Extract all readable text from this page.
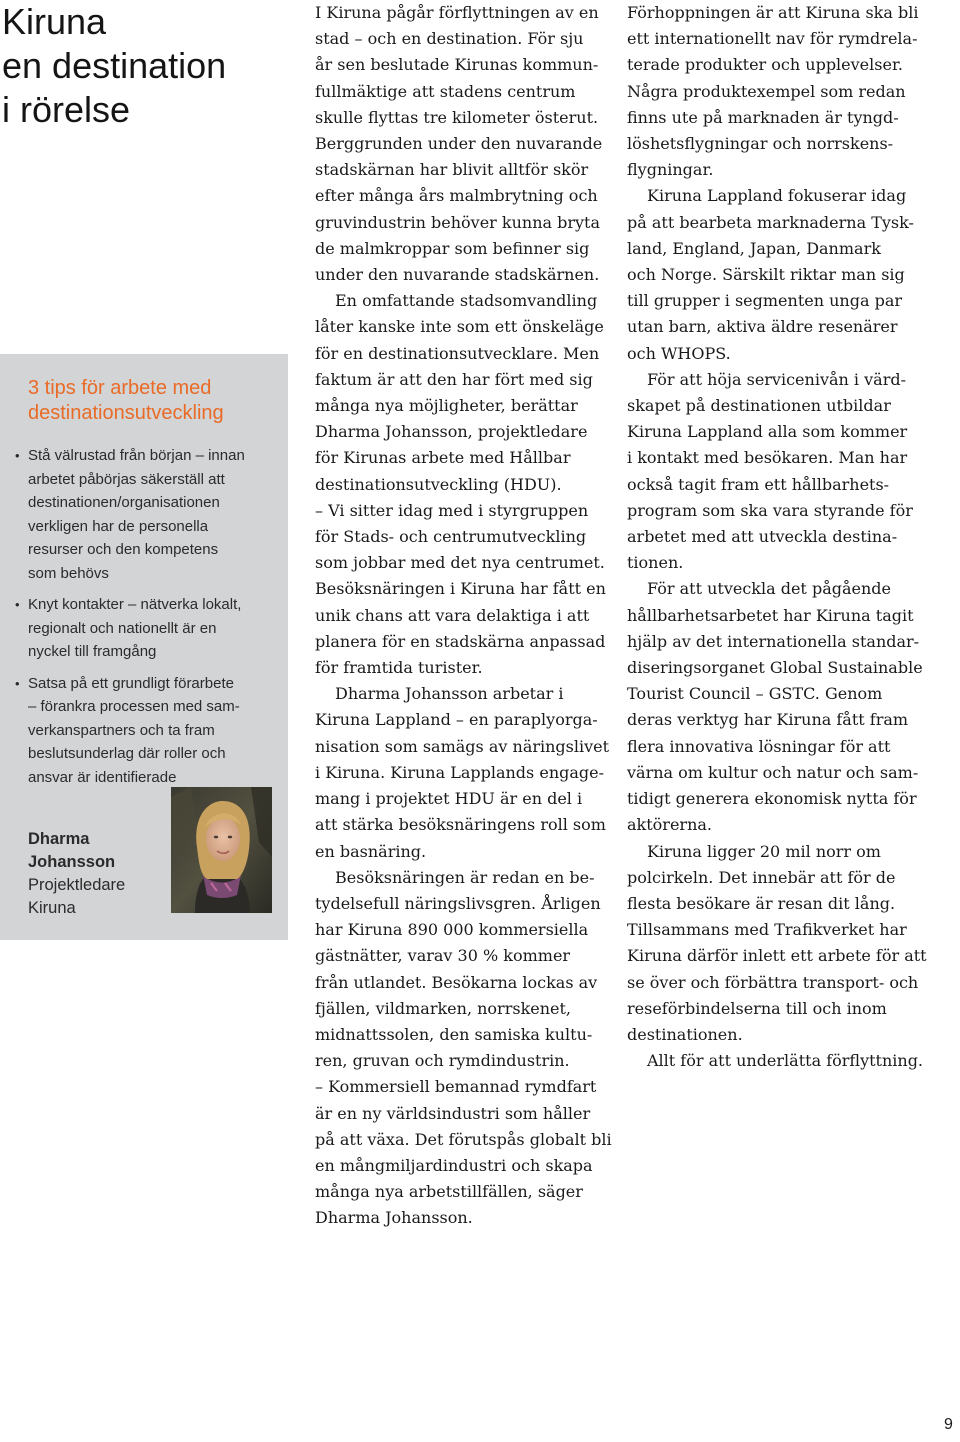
Kiruna
en destination
i rörelse
3 tips för arbete med
destinationsutveckling
• Stå välrustad från början – innan
arbetet påbörjas säkerställ att
destinationen/organisationen
verkligen har de personella
resurser och den kompetens
som behövs
• Knyt kontakter – nätverka lokalt,
regionalt och nationellt är en
nyckel till framgång
• Satsa på ett grundligt förarbete
– förankra processen med sam-
verkanspartners och ta fram
beslutsunderlag där roller och
ansvar är identifierade
Dharma
Johansson
Projektledare
Kiruna

I Kiruna pågår förflyttningen av en
stad – och en destination. För sju
år sen beslutade Kirunas kommun-
fullmäktige att stadens centrum
skulle flyttas tre kilometer österut.
Berggrunden under den nuvarande
stadskärnan har blivit alltför skör
efter många års malmbrytning och
gruvindustrin behöver kunna bryta
de malmkroppar som befinner sig
under den nuvarande stadskärnen.

En omfattande stadsomvandling
låter kanske inte som ett önskeläge
för en destinationsutvecklare. Men
faktum är att den har fört med sig
många nya möjligheter, berättar
Dharma Johansson, projektledare
för Kirunas arbete med Hållbar
destinationsutveckling (HDU).
– Vi sitter idag med i styrgruppen
för Stads- och centrumutveckling
som jobbar med det nya centrumet.
Besöksnäringen i Kiruna har fått en
unik chans att vara delaktiga i att
planera för en stadskärna anpassad
för framtida turister.

Dharma Johansson arbetar i
Kiruna Lappland – en paraplyorga-
nisation som samägs av näringslivet
i Kiruna. Kiruna Lapplands engage-
mang i projektet HDU är en del i
att stärka besöksnäringens roll som
en basnäring.

Besöksnäringen är redan en be-
tydelsefull näringslivsgren. Årligen
har Kiruna 890 000 kommersiella
gästnätter, varav 30 % kommer
från utlandet. Besökarna lockas av
fjällen, vildmarken, norrskenet,
midnattssolen, den samiska kultu-
ren, gruvan och rymdindustrin.
– Kommersiell bemannad rymdfart
är en ny världsindustri som håller
på att växa. Det förutspås globalt bli
en mångmiljardindustri och skapa
många nya arbetstillfällen, säger
Dharma Johansson.

Förhoppningen är att Kiruna ska bli
ett internationellt nav för rymdrela-
terade produkter och upplevelser.
Några produktexempel som redan
finns ute på marknaden är tyngd-
löshetsflygningar och norrskens-
flygningar.

Kiruna Lappland fokuserar idag
på att bearbeta marknaderna Tysk-
land, England, Japan, Danmark
och Norge. Särskilt riktar man sig
till grupper i segmenten unga par
utan barn, aktiva äldre resenärer
och WHOPS.

För att höja servicenivån i värd-
skapet på destinationen utbildar
Kiruna Lappland alla som kommer
i kontakt med besökaren. Man har
också tagit fram ett hållbarhets-
program som ska vara styrande för
arbetet med att utveckla destina-
tionen.

För att utveckla det pågående
hållbarhetsarbetet har Kiruna tagit
hjälp av det internationella standar-
diseringsorganet Global Sustainable
Tourist Council – GSTC. Genom
deras verktyg har Kiruna fått fram
flera innovativa lösningar för att
värna om kultur och natur och sam-
tidigt generera ekonomisk nytta för
aktörerna.

Kiruna ligger 20 mil norr om
polcirkeln. Det innebär att för de
flesta besökare är resan dit lång.
Tillsammans med Trafikverket har
Kiruna därför inlett ett arbete för att
se över och förbättra transport- och
reseförbindelserna till och inom
destinationen.

Allt för att underlätta förflyttning.

9
